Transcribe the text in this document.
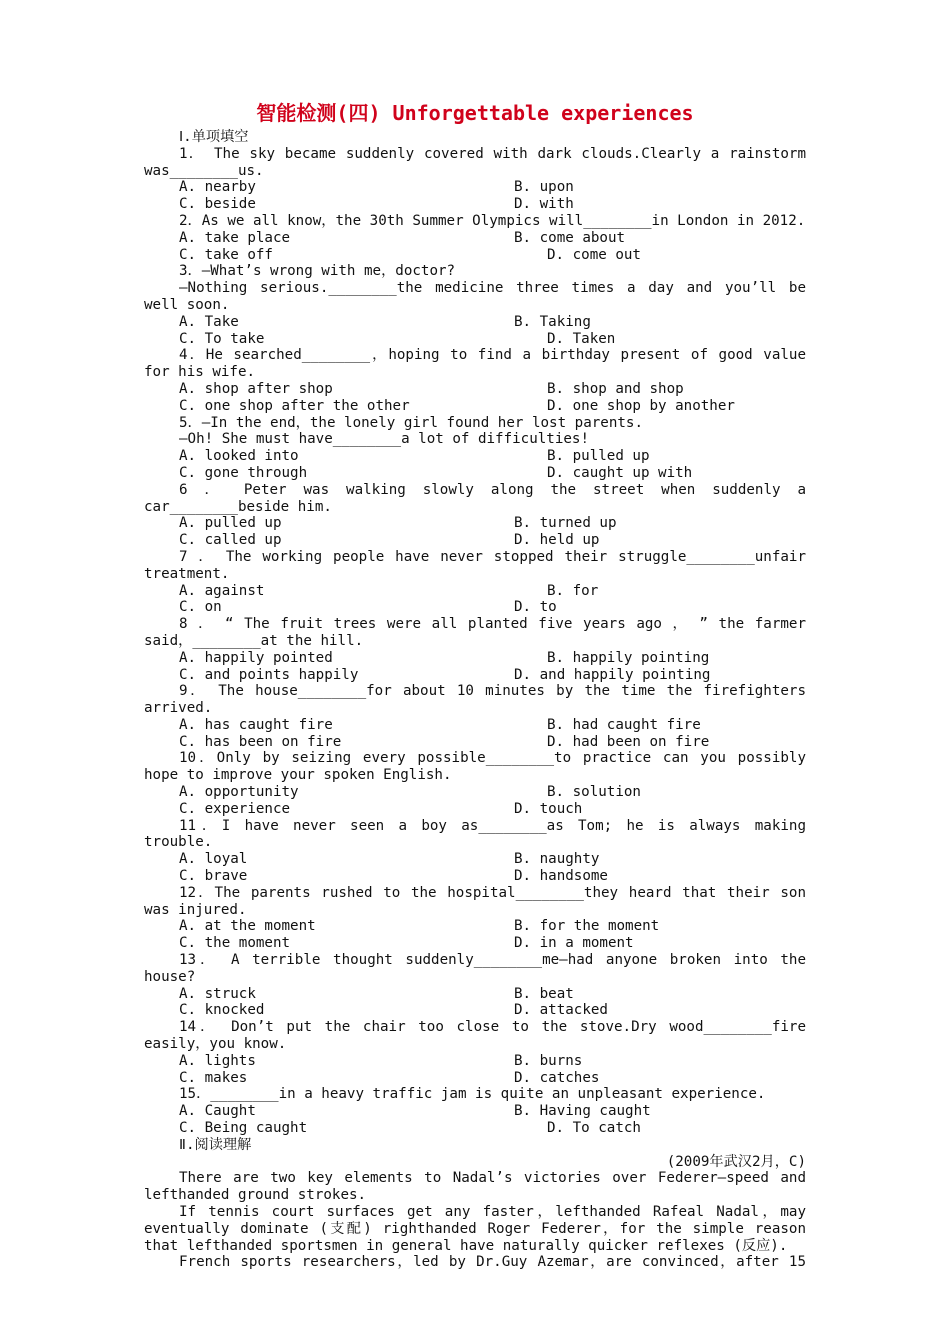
智能检测(四) Unforgettable experiences
Ⅰ.单项填空
1． The sky became suddenly covered with dark clouds.Clearly a rainstorm was________us.
A. nearby	B. upon
C. beside	D. with
2．As we all know，the 30th Summer Olympics will________in London in 2012.
A. take place	B. come about
C. take off	D. come out
3．—What’s wrong with me，doctor?
—Nothing serious.________the medicine three times a day and you’ll be well soon.
A. Take	B. Taking
C. To take	D. Taken
4．He searched________，hoping to find a birthday present of good value for his wife.
A. shop after shop	B. shop and shop
C. one shop after the other	D. one shop by another
5．—In the end，the lonely girl found her lost parents.
—Oh! She must have________a lot of difficulties!
A. looked into	B. pulled up
C. gone through	D. caught up with
6 ． Peter was walking slowly along the street when suddenly a car________beside him.
A. pulled up	B. turned up
C. called up	D. held up
7 ． The working people have never stopped their struggle________unfair treatment.
A. against	B. for
C. on	D. to
8 ． “ The fruit trees were all planted five years ago ， ” the farmer said，________at the hill.
A. happily pointed	B. happily pointing
C. and points happily	D. and happily pointing
9． The house________for about 10 minutes by the time the firefighters arrived.
A. has caught fire	B. had caught fire
C. has been on fire	D. had been on fire
10．Only by seizing every possible________to practice can you possibly hope to improve your spoken English.
A. opportunity	B. solution
C. experience	D. touch
11．I have never seen a boy as________as Tom; he is always making trouble.
A. loyal	B. naughty
C. brave	D. handsome
12．The parents rushed to the hospital________they heard that their son was injured.
A. at the moment	B. for the moment
C. the moment	D. in a moment
13． A terrible thought suddenly________me—had anyone broken into the house?
A. struck	B. beat
C. knocked	D. attacked
14． Don’t put the chair too close to the stove.Dry wood________fire easily，you know.
A. lights	B. burns
C. makes	D. catches
15．________in a heavy traffic jam is quite an unpleasant experience.
A. Caught	B. Having caught
C. Being caught	D. To catch
Ⅱ.阅读理解
(2009年武汉2月，C)
There are two key elements to Nadal’s victories over Federer—speed and lefthanded ground strokes.
If tennis court surfaces get any faster，lefthanded Rafeal Nadal，may eventually dominate (支配) righthanded Roger Federer，for the simple reason that lefthanded sportsmen in general have naturally quicker reflexes (反应).
French sports researchers，led by Dr.Guy Azemar，are convinced，after 15
